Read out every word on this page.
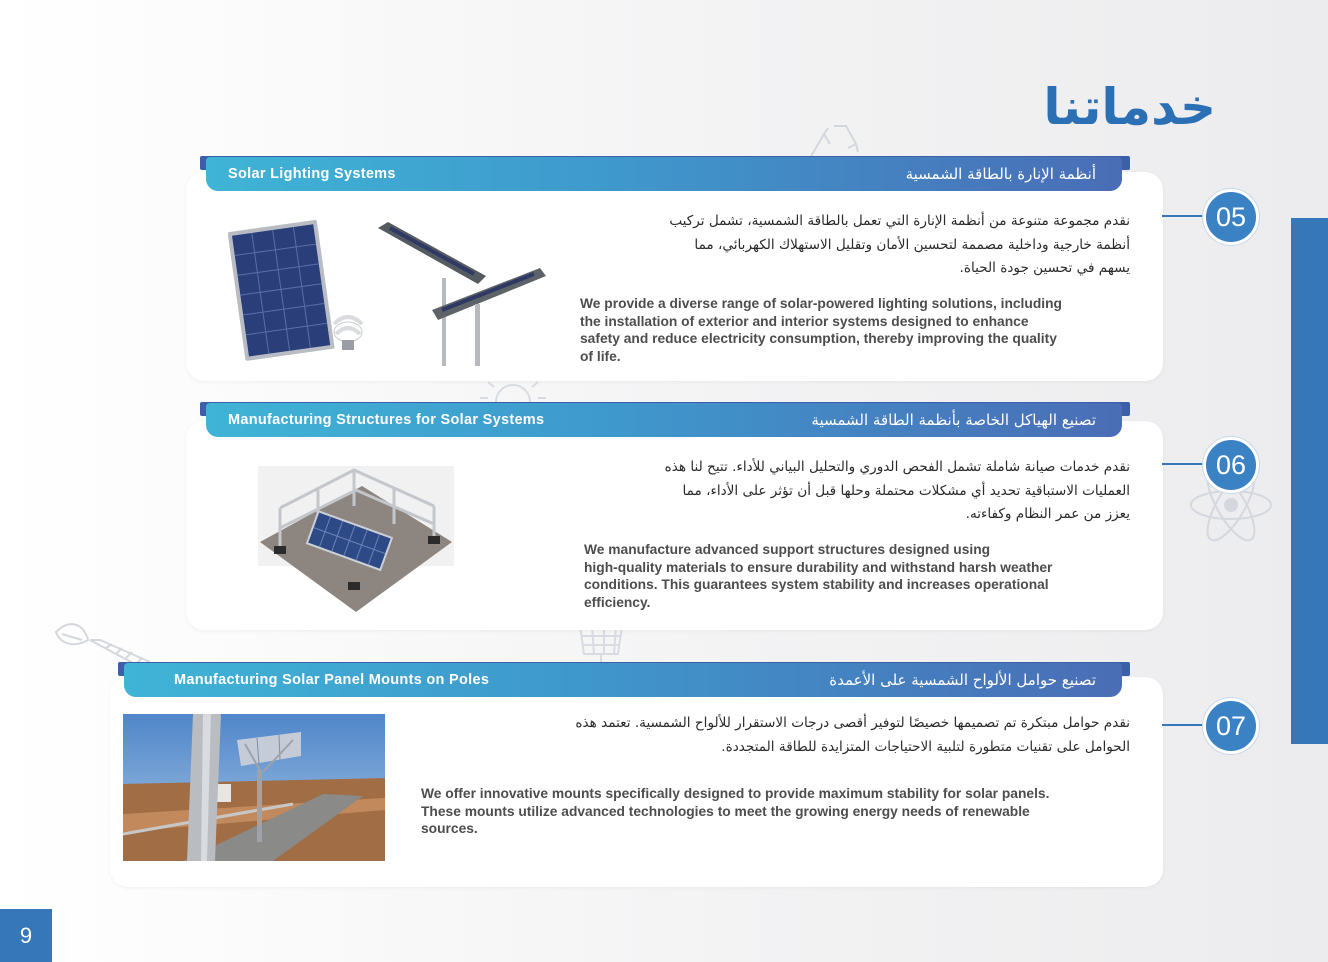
خدماتنا
Solar Lighting Systems	أنظمة الإنارة بالطاقة الشمسية
نقدم مجموعة متنوعة من أنظمة الإنارة التي تعمل بالطاقة الشمسية، تشمل تركيب
أنظمة خارجية وداخلية مصممة لتحسين الأمان وتقليل الاستهلاك الكهربائي، مما
يسهم في تحسين جودة الحياة.
We provide a diverse range of solar-powered lighting solutions, including
the installation of exterior and interior systems designed to enhance
safety and reduce electricity consumption, thereby improving the quality
of life.
05
Manufacturing Structures for Solar Systems	تصنيع الهياكل الخاصة بأنظمة الطاقة الشمسية
نقدم خدمات صيانة شاملة تشمل الفحص الدوري والتحليل البياني للأداء. تتيح لنا هذه
العمليات الاستباقية تحديد أي مشكلات محتملة وحلها قبل أن تؤثر على الأداء، مما
يعزز من عمر النظام وكفاءته.
We manufacture advanced support structures designed using
high-quality materials to ensure durability and withstand harsh weather
conditions. This guarantees system stability and increases operational
efficiency.
06
Manufacturing Solar Panel Mounts on Poles	تصنيع حوامل الألواح الشمسية على الأعمدة
نقدم حوامل مبتكرة تم تصميمها خصيصًا لتوفير أقصى درجات الاستقرار للألواح الشمسية. تعتمد هذه
الحوامل على تقنيات متطورة لتلبية الاحتياجات المتزايدة للطاقة المتجددة.
We offer innovative mounts specifically designed to provide maximum stability for solar panels.
These mounts utilize advanced technologies to meet the growing energy needs of renewable
sources.
07
9
